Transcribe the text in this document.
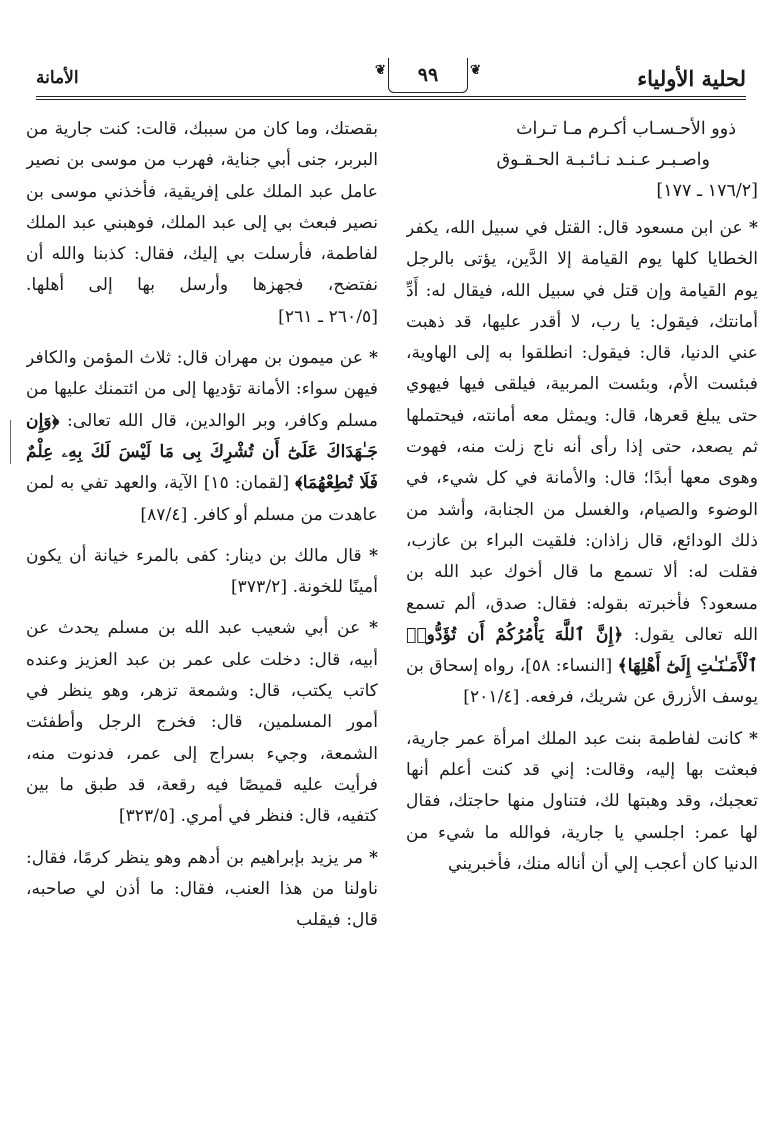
لحلية الأولياء
❦
٩٩
❦
الأمانة
ذوو الأحـسـاب أكـرم مـا تـراث
واصـبـر عـنـد نـائـبـة الحـقـوق
[١٧٦/٢ ـ ١٧٧]

* عن ابن مسعود قال: القتل في سبيل الله، يكفر الخطايا كلها يوم القيامة إلا الدَّين، يؤتى بالرجل يوم القيامة وإن قتل في سبيل الله، فيقال له: أَدِّ أمانتك، فيقول: يا رب، لا أقدر عليها، قد ذهبت عني الدنيا، قال: فيقول: انطلقوا به إلى الهاوية، فبئست الأم، وبئست المربية، فيلقى فيها فيهوي حتى يبلغ قعرها، قال: ويمثل معه أمانته، فيحتملها ثم يصعد، حتى إذا رأى أنه ناج زلت منه، فهوت وهوى معها أبدًا؛ قال: والأمانة في كل شيء، في الوضوء والصيام، والغسل من الجنابة، وأشد من ذلك الودائع، قال زاذان: فلقيت البراء بن عازب، فقلت له: ألا تسمع ما قال أخوك عبد الله بن مسعود؟ فأخبرته بقوله: فقال: صدق، ألم تسمع الله تعالى يقول: ﴿إِنَّ ٱللَّهَ يَأْمُرُكُمْ أَن تُؤَدُّوا۟ ٱلْأَمَـٰنَـٰتِ إِلَىٰٓ أَهْلِهَا﴾ [النساء: ٥٨]، رواه إسحاق بن يوسف الأزرق عن شريك، فرفعه. [٢٠١/٤]

* كانت لفاطمة بنت عبد الملك امرأة عمر جارية، فبعثت بها إليه، وقالت: إني قد كنت أعلم أنها تعجبك، وقد وهبتها لك، فتناول منها حاجتك، فقال لها عمر: اجلسي يا جارية، فوالله ما شيء من الدنيا كان أعجب إلي أن أناله منك، فأخبريني

بقصتك، وما كان من سببك، قالت: كنت جارية من البربر، جنى أبي جناية، فهرب من موسى بن نصير عامل عبد الملك على إفريقية، فأخذني موسى بن نصير فبعث بي إلى عبد الملك، فوهبني عبد الملك لفاطمة، فأرسلت بي إليك، فقال: كذبنا والله أن نفتضح، فجهزها وأرسل بها إلى أهلها. [٢٦٠/٥ ـ ٢٦١]

* عن ميمون بن مهران قال: ثلاث المؤمن والكافر فيهن سواء: الأمانة تؤديها إلى من ائتمنك عليها من مسلم وكافر، وبر الوالدين، قال الله تعالى: ﴿وَإِن جَـٰهَدَاكَ عَلَىٰٓ أَن تُشْرِكَ بِى مَا لَيْسَ لَكَ بِهِۦ عِلْمٌ فَلَا تُطِعْهُمَا﴾ [لقمان: ١٥] الآية، والعهد تفي به لمن عاهدت من مسلم أو كافر. [٨٧/٤]

* قال مالك بن دينار: كفى بالمرء خيانة أن يكون أمينًا للخونة. [٣٧٣/٢]

* عن أبي شعيب عبد الله بن مسلم يحدث عن أبيه، قال: دخلت على عمر بن عبد العزيز وعنده كاتب يكتب، قال: وشمعة تزهر، وهو ينظر في أمور المسلمين، قال: فخرج الرجل وأطفئت الشمعة، وجيء بسراج إلى عمر، فدنوت منه، فرأيت عليه قميصًا فيه رقعة، قد طبق ما بين كتفيه، قال: فنظر في أمري. [٣٢٣/٥]

* مر يزيد بإبراهيم بن أدهم وهو ينظر كرمًا، فقال: ناولنا من هذا العنب، فقال: ما أذن لي صاحبه، قال: فيقلب
